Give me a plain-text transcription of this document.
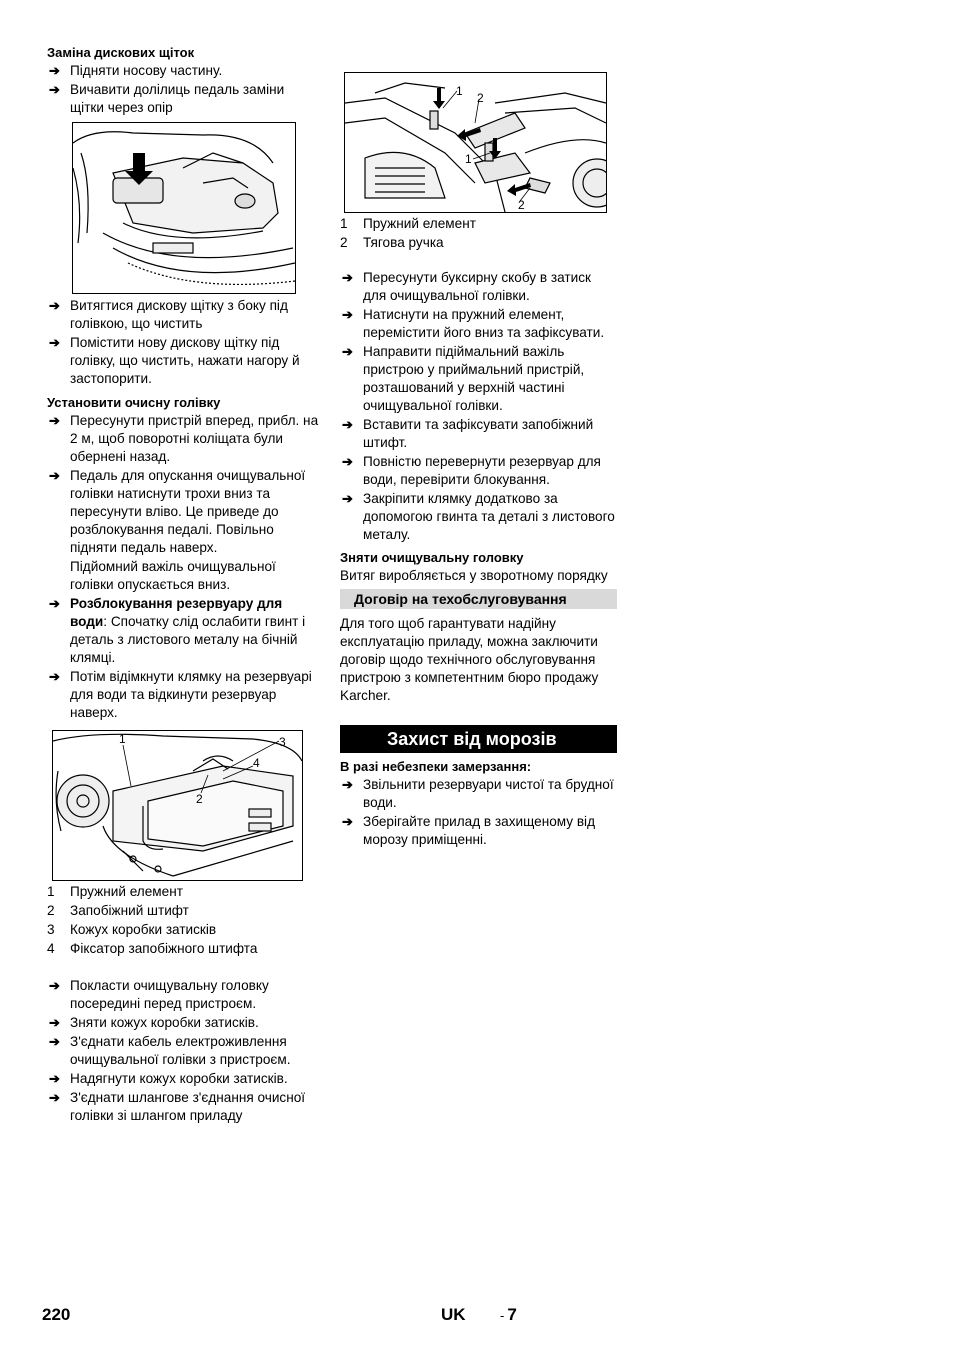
Заміна дискових щіток

➔ Підняти носову частину.
➔ Вичавити долілиць педаль заміни щітки через опір
➔ Витягтися дискову щітку з боку під голівкою, що чистить
➔ Помістити нову дискову щітку під голівку, що чистить, нажати нагору й застопорити.

Установити очисну голівку

➔ Пересунути пристрій вперед, прибл. на 2 м, щоб поворотні коліщата були обернені назад.
➔ Педаль для опускання очищувальної голівки натиснути трохи вниз та пересунути вліво. Це приведе до розблокування педалі. Повільно підняти педаль наверх.
Підйомний важіль очищувальної голівки опускається вниз.
➔ Розблокування резервуару для води: Спочатку слід ослабити гвинт і деталь з листового металу на бічній клямці.
➔ Потім відімкнути клямку на резервуарі для води та відкинути резервуар наверх.
1
2
3
4
1	Пружний елемент
2	Запобіжний штифт
3	Кожух коробки затисків
4	Фіксатор запобіжного штифта
➔ Покласти очищувальну головку посередині перед пристроєм.
➔ Зняти кожух коробки затисків.
➔ З'єднати кабель електроживлення очищувальної голівки з пристроєм.
➔ Надягнути кожух коробки затисків.
➔ З'єднати шлангове з'єднання очисної голівки зі шлангом приладу
1 2
1
2
1	Пружний елемент
2	Тягова ручка
➔ Пересунути буксирну скобу в затиск для очищувальної голівки.
➔ Натиснути на пружний елемент, перемістити його вниз та зафіксувати.
➔ Направити підіймальний важіль пристрою у приймальний пристрій, розташований у верхній частині очищувальної голівки.
➔ Вставити та зафіксувати запобіжний штифт.
➔ Повністю перевернути резервуар для води, перевірити блокування.
➔ Закріпити клямку додатково за допомогою гвинта та деталі з листового металу.

Зняти очищувальну головку

Витяг виробляється у зворотному порядку

Договір на техобслуговування

Для того щоб гарантувати надійну експлуатацію приладу, можна заключити договір щодо технічного обслуговування пристрою з компетентним бюро продажу Karcher.

Захист від морозів

В разі небезпеки замерзання:

➔ Звільнити резервуари чистої та брудної води.
➔ Зберігайте прилад в захищеному від морозу приміщенні.
220	UK	- 7
